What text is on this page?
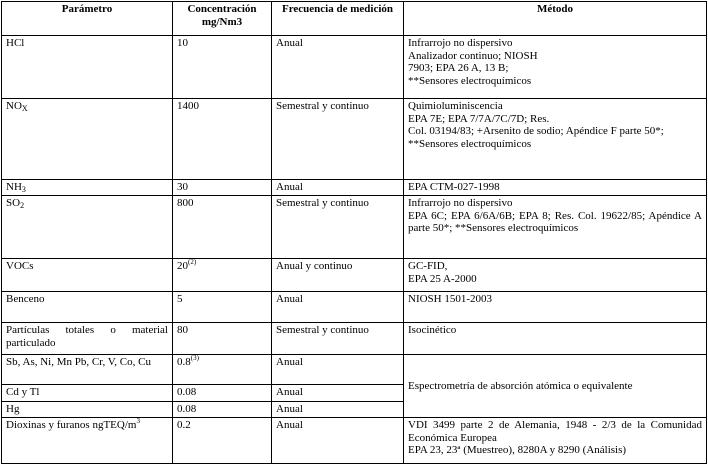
Parámetro	Concentración mg/Nm3	Frecuencia de medición	Método
HCl	10	Anual	Infrarrojo no dispersivo
Analizador continuo; NIOSH
7903; EPA 26 A, 13 B;
**Sensores electroquímicos
$NO_X$	1400	Semestral y continuo	Quimioluminiscencia
EPA 7E; EPA 7/7A/7C/7D; Res.
Col. 03194/83; +Arsenito de sodio; Apéndice F parte 50*;
**Sensores electroquímicos
$NH_3$	30	Anual	EPA CTM-027-1998
$SO_2$	800	Semestral y continuo	Infrarrojo no dispersivo
EPA 6C; EPA 6/6A/6B; EPA 8; Res. Col. 19622/85; Apéndice A parte 50*; **Sensores electroquímicos

VOCs	20$^{(2)}$	Anual y continuo	GC-FID,
EPA 25 A-2000
Benceno	5	Anual	NIOSH 1501-2003
Partículas totales o material particulado	80	Semestral y continuo	Isocinético
Sb, As, Ni, Mn Pb, Cr, V, Co, Cu	0.8$^{(3)}$	Anual	Espectrometría de absorción atómica o equivalente
Cd y Tl	0.08	Anual	
Hg	0.08	Anual	
Dioxinas y furanos ngTEQ/$m^3$	0.2	Anual	VDI 3499 parte 2 de Alemania, 1948 - 2/3 de la Comunidad Económica Europea
EPA 23, 23ª (Muestreo), 8280A y 8290 (Análisis)
